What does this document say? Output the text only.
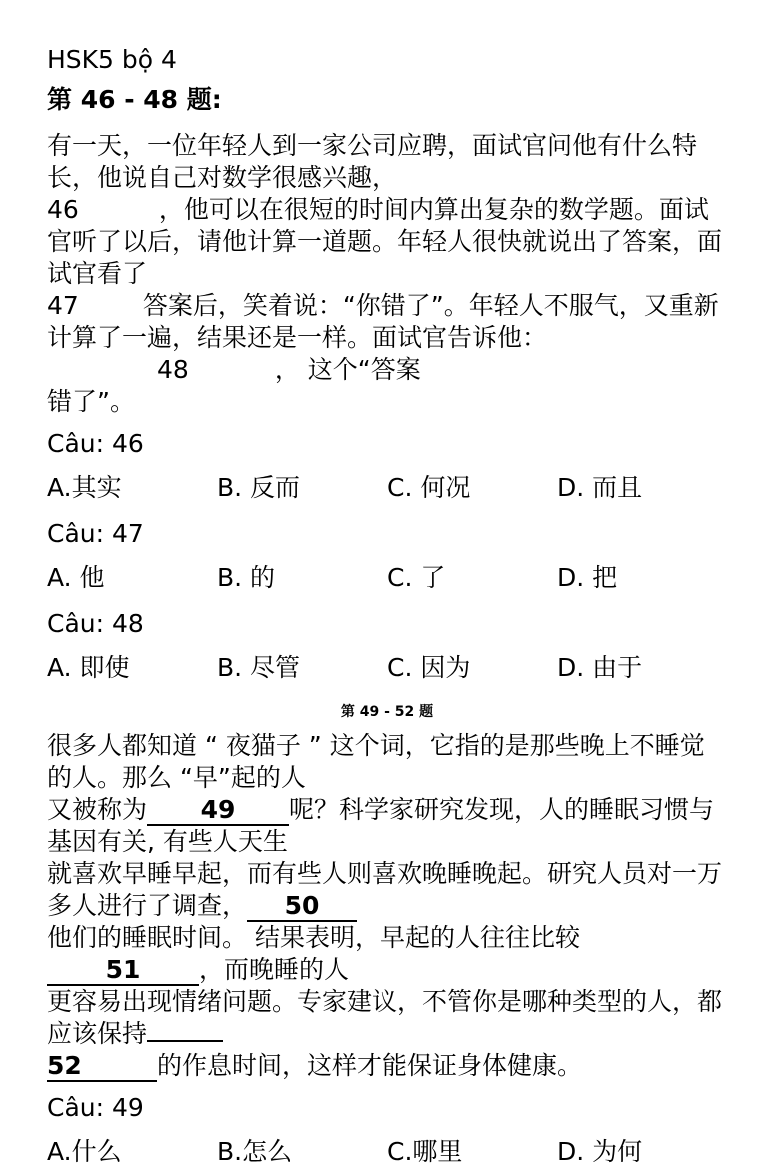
HSK5 bộ 4

第 46 - 48 题:

有一天，一位年轻人到一家公司应聘，面试官问他有什么特长，他说自己对数学很感兴趣，
46	，他可以在很短的时间内算出复杂的数学题。面试官听了以后，请他计算一道题。年轻人很快就说出了答案，面试官看了
47	答案后，笑着说：“你错了”。年轻人不服气，又重新计算了一遍，结果还是一样。面试官告诉他：48	， 这个“答案
错了”。

Câu: 46

A.其实	B. 反而	C. 何况	D. 而且

Câu: 47

A. 他	B. 的	C. 了	D. 把

Câu: 48

A. 即使	B. 尽管	C. 因为	D. 由于

第 49 - 52 题

很多人都知道 “ 夜猫子 ” 这个词，它指的是那些晚上不睡觉的人。那么 “早”起的人
又被称为 49 呢？科学家研究发现，人的睡眠习惯与基因有关, 有些人天生
就喜欢早睡早起，而有些人则喜欢晚睡晚起。研究人员对一万多人进行了调查， 50
他们的睡眠时间。 结果表明，早起的人往往比较51 ，而晚睡的人
更容易出现情绪问题。专家建议，不管你是哪种类型的人，都应该保持
52	的作息时间，这样才能保证身体健康。

Câu: 49

A.什么	B.怎么	C.哪里	D. 为何
